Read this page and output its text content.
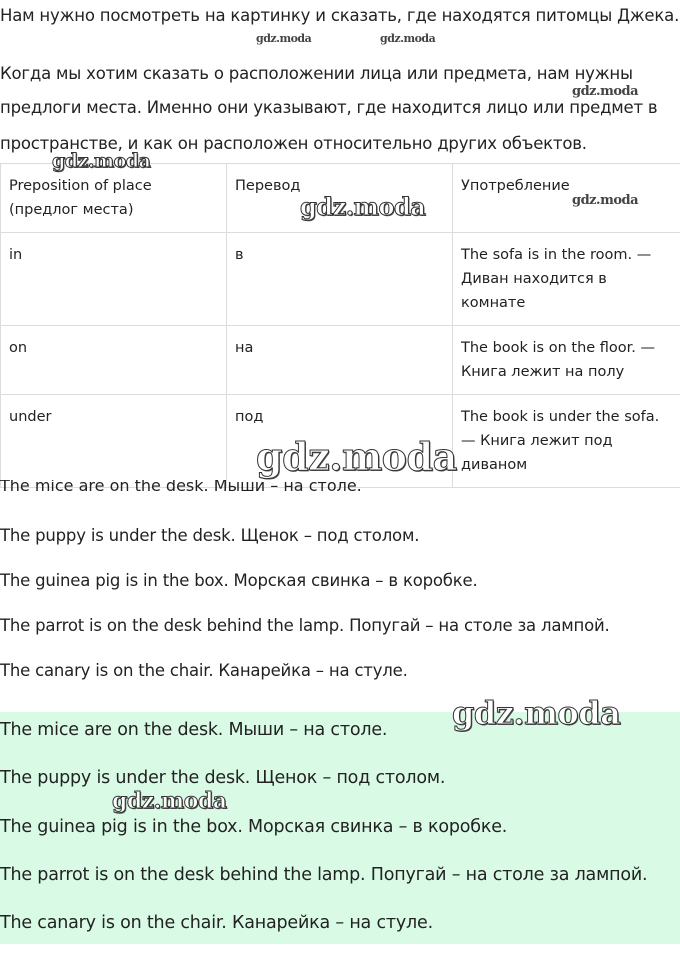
Нам нужно посмотреть на картинку и сказать, где находятся питомцы Джека.

gdz.moda	gdz.moda

Когда мы хотим сказать о расположении лица или предмета, нам нужны

предлоги места. Именно они указывают, где находится лицо или предмет в

пространстве, и как он расположен относительно других объектов.

gdz.moda
Preposition of place (предлог места)	Перевод	Употребление
in	в	The sofa is in the room. — Диван находится в комнате
on	на	The book is on the floor. — Книга лежит на полу
under	под	The book is under the sofa. — Книга лежит под диваном
gdz.moda
gdz.moda	gdz.moda
gdz.moda
The mice are on the desk. Мыши – на столе.

The puppy is under the desk. Щенок – под столом.

The guinea pig is in the box. Морская свинка – в коробке.

The parrot is on the desk behind the lamp. Попугай – на столе за лампой.

The canary is on the chair. Канарейка – на стуле.

The mice are on the desk. Мыши – на столе.

The puppy is under the desk. Щенок – под столом.

The guinea pig is in the box. Морская свинка – в коробке.

The parrot is on the desk behind the lamp. Попугай – на столе за лампой.

The canary is on the chair. Канарейка – на стуле.

gdz.moda
gdz.moda
